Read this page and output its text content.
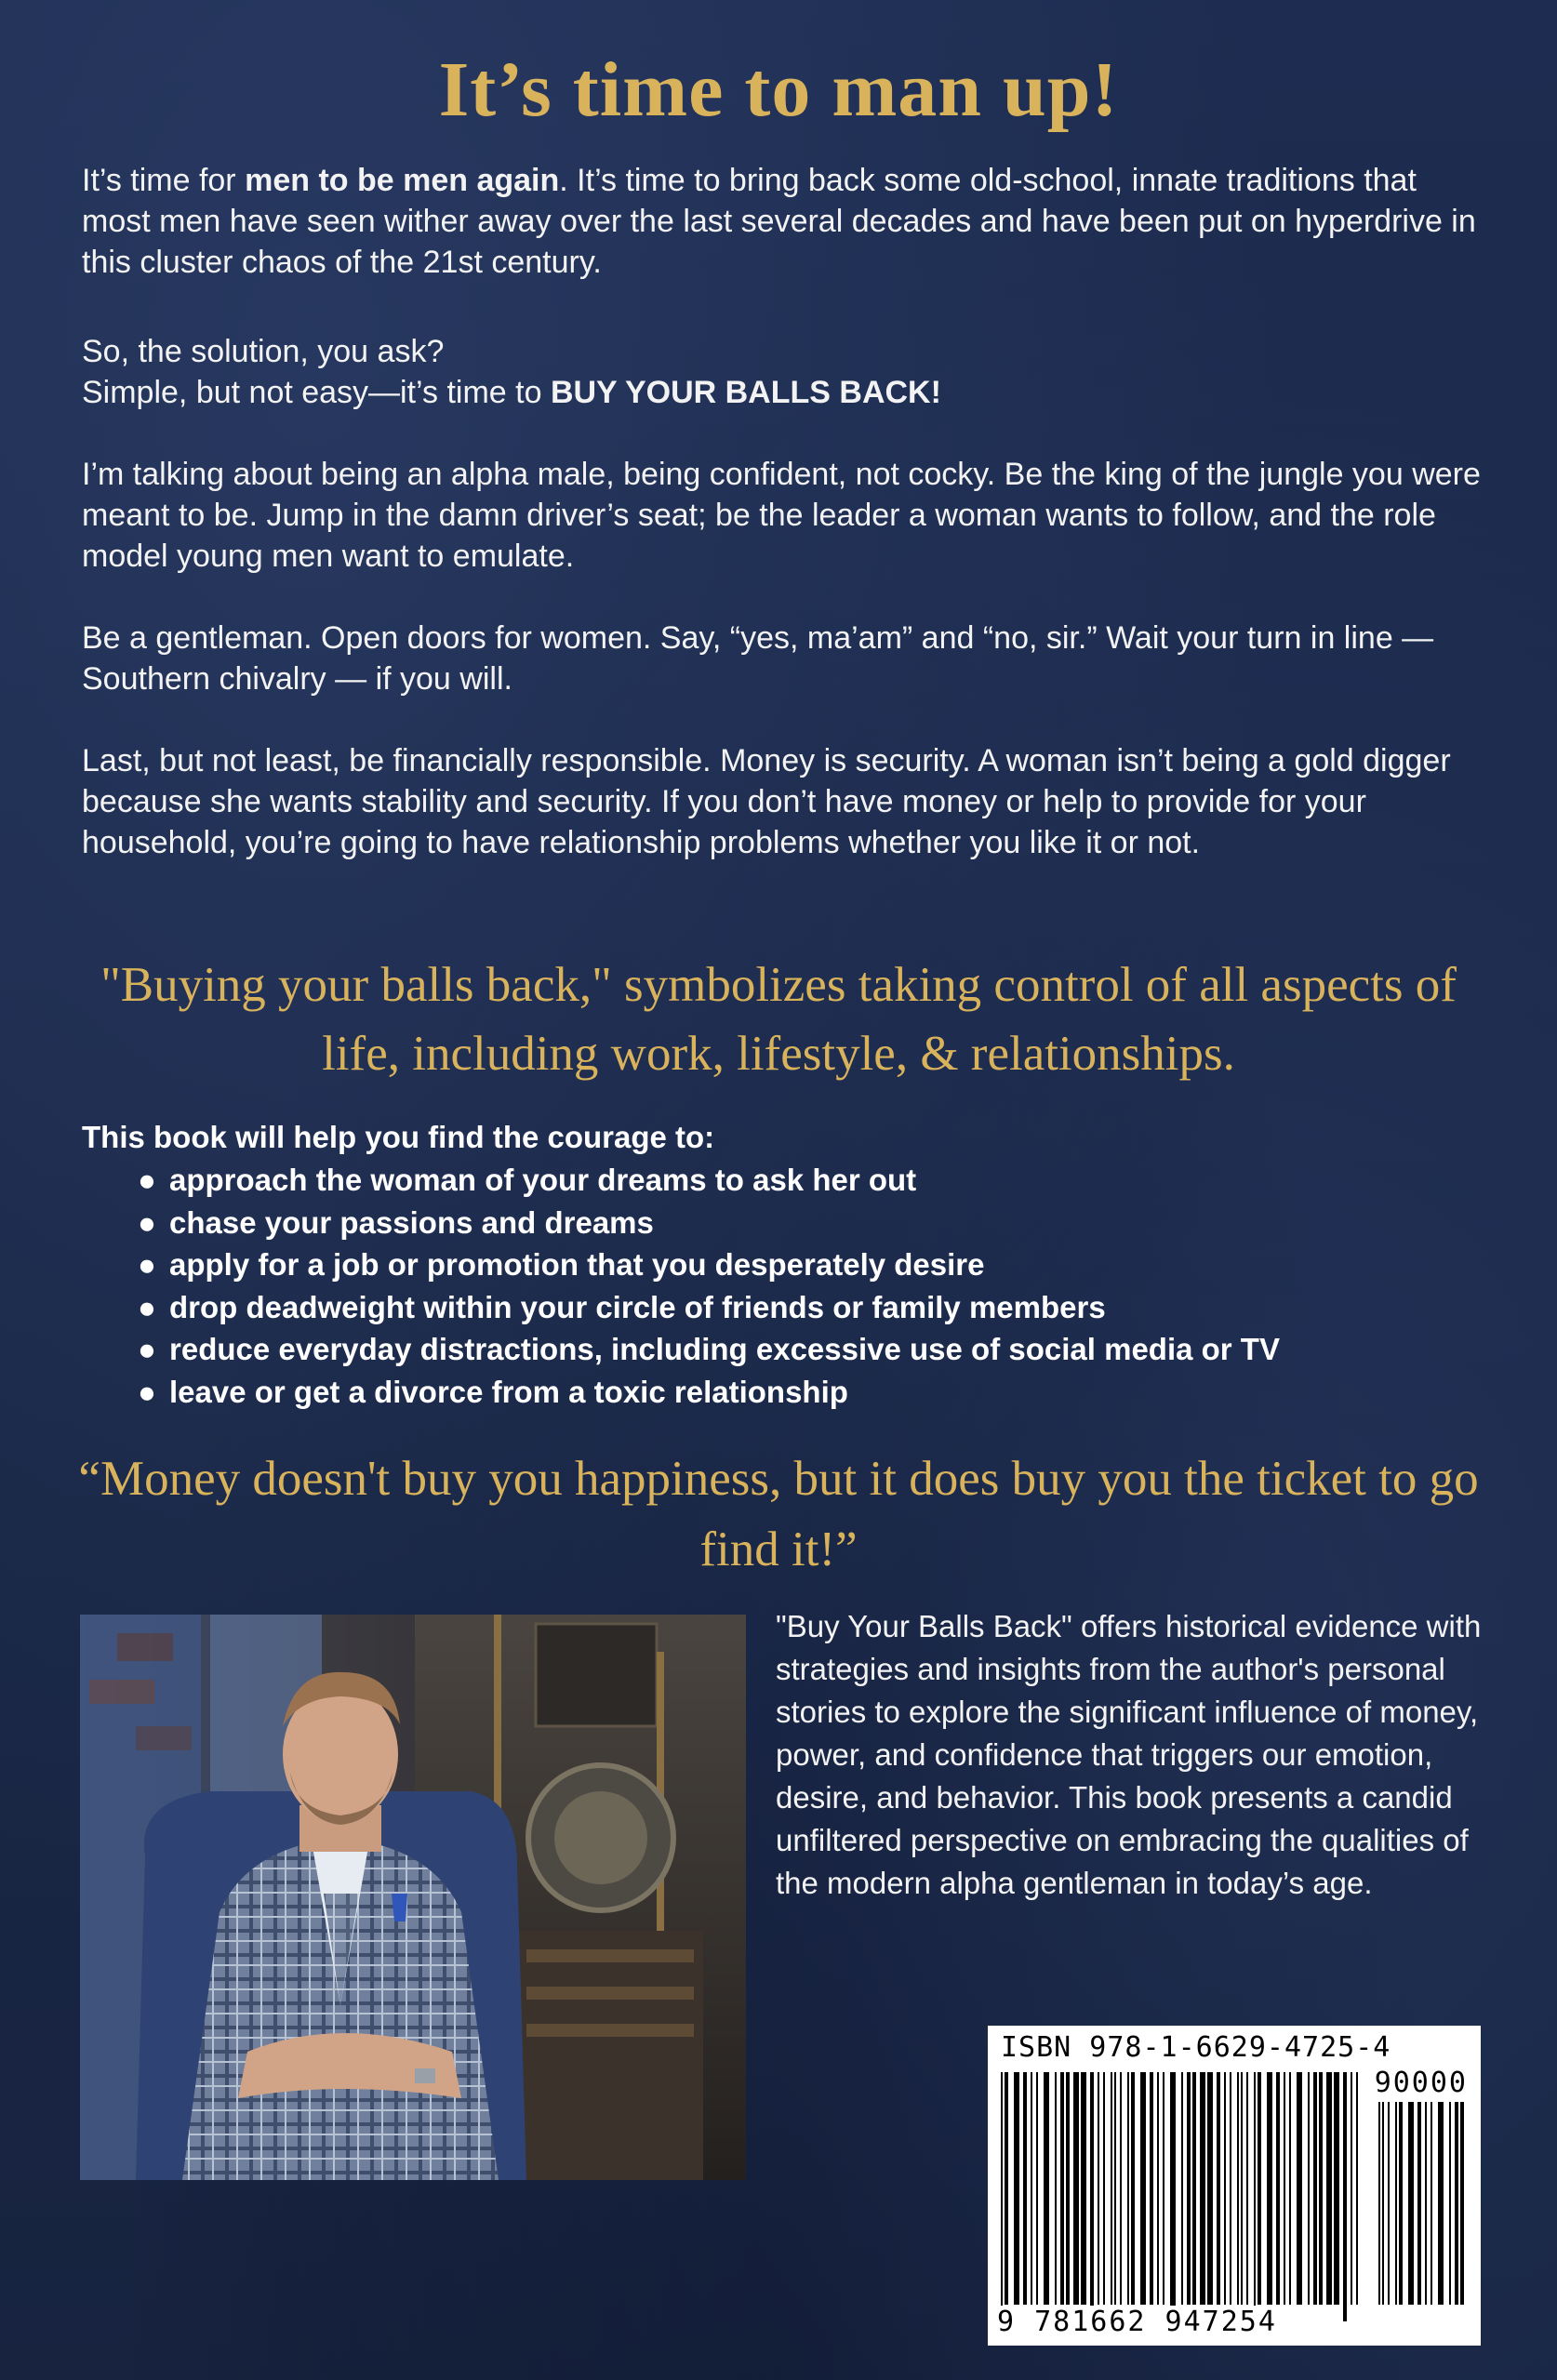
It’s time to man up!

It’s time for men to be men again. It’s time to bring back some old-school, innate traditions that most men have seen wither away over the last several decades and have been put on hyperdrive in this cluster chaos of the 21st century.

So, the solution, you ask?
Simple, but not easy—it’s time to BUY YOUR BALLS BACK!

I’m talking about being an alpha male, being confident, not cocky. Be the king of the jungle you were meant to be. Jump in the damn driver’s seat; be the leader a woman wants to follow, and the role model young men want to emulate.

Be a gentleman. Open doors for women. Say, “yes, ma’am” and “no, sir.” Wait your turn in line — Southern chivalry — if you will.

Last, but not least, be financially responsible. Money is security. A woman isn’t being a gold digger because she wants stability and security. If you don’t have money or help to provide for your household, you’re going to have relationship problems whether you like it or not.

"Buying your balls back," symbolizes taking control of all aspects of life, including work, lifestyle, & relationships.

This book will help you find the courage to:

● approach the woman of your dreams to ask her out
● chase your passions and dreams
● apply for a job or promotion that you desperately desire
● drop deadweight within your circle of friends or family members
● reduce everyday distractions, including excessive use of social media or TV
● leave or get a divorce from a toxic relationship

“Money doesn't buy you happiness, but it does buy you the ticket to go find it!”

"Buy Your Balls Back" offers historical evidence with strategies and insights from the author's personal stories to explore the significant influence of money, power, and confidence that triggers our emotion, desire, and behavior. This book presents a candid unfiltered perspective on embracing the qualities of the modern alpha gentleman in today’s age.

ISBN 978-1-6629-4725-4
90000
9 781662 947254
